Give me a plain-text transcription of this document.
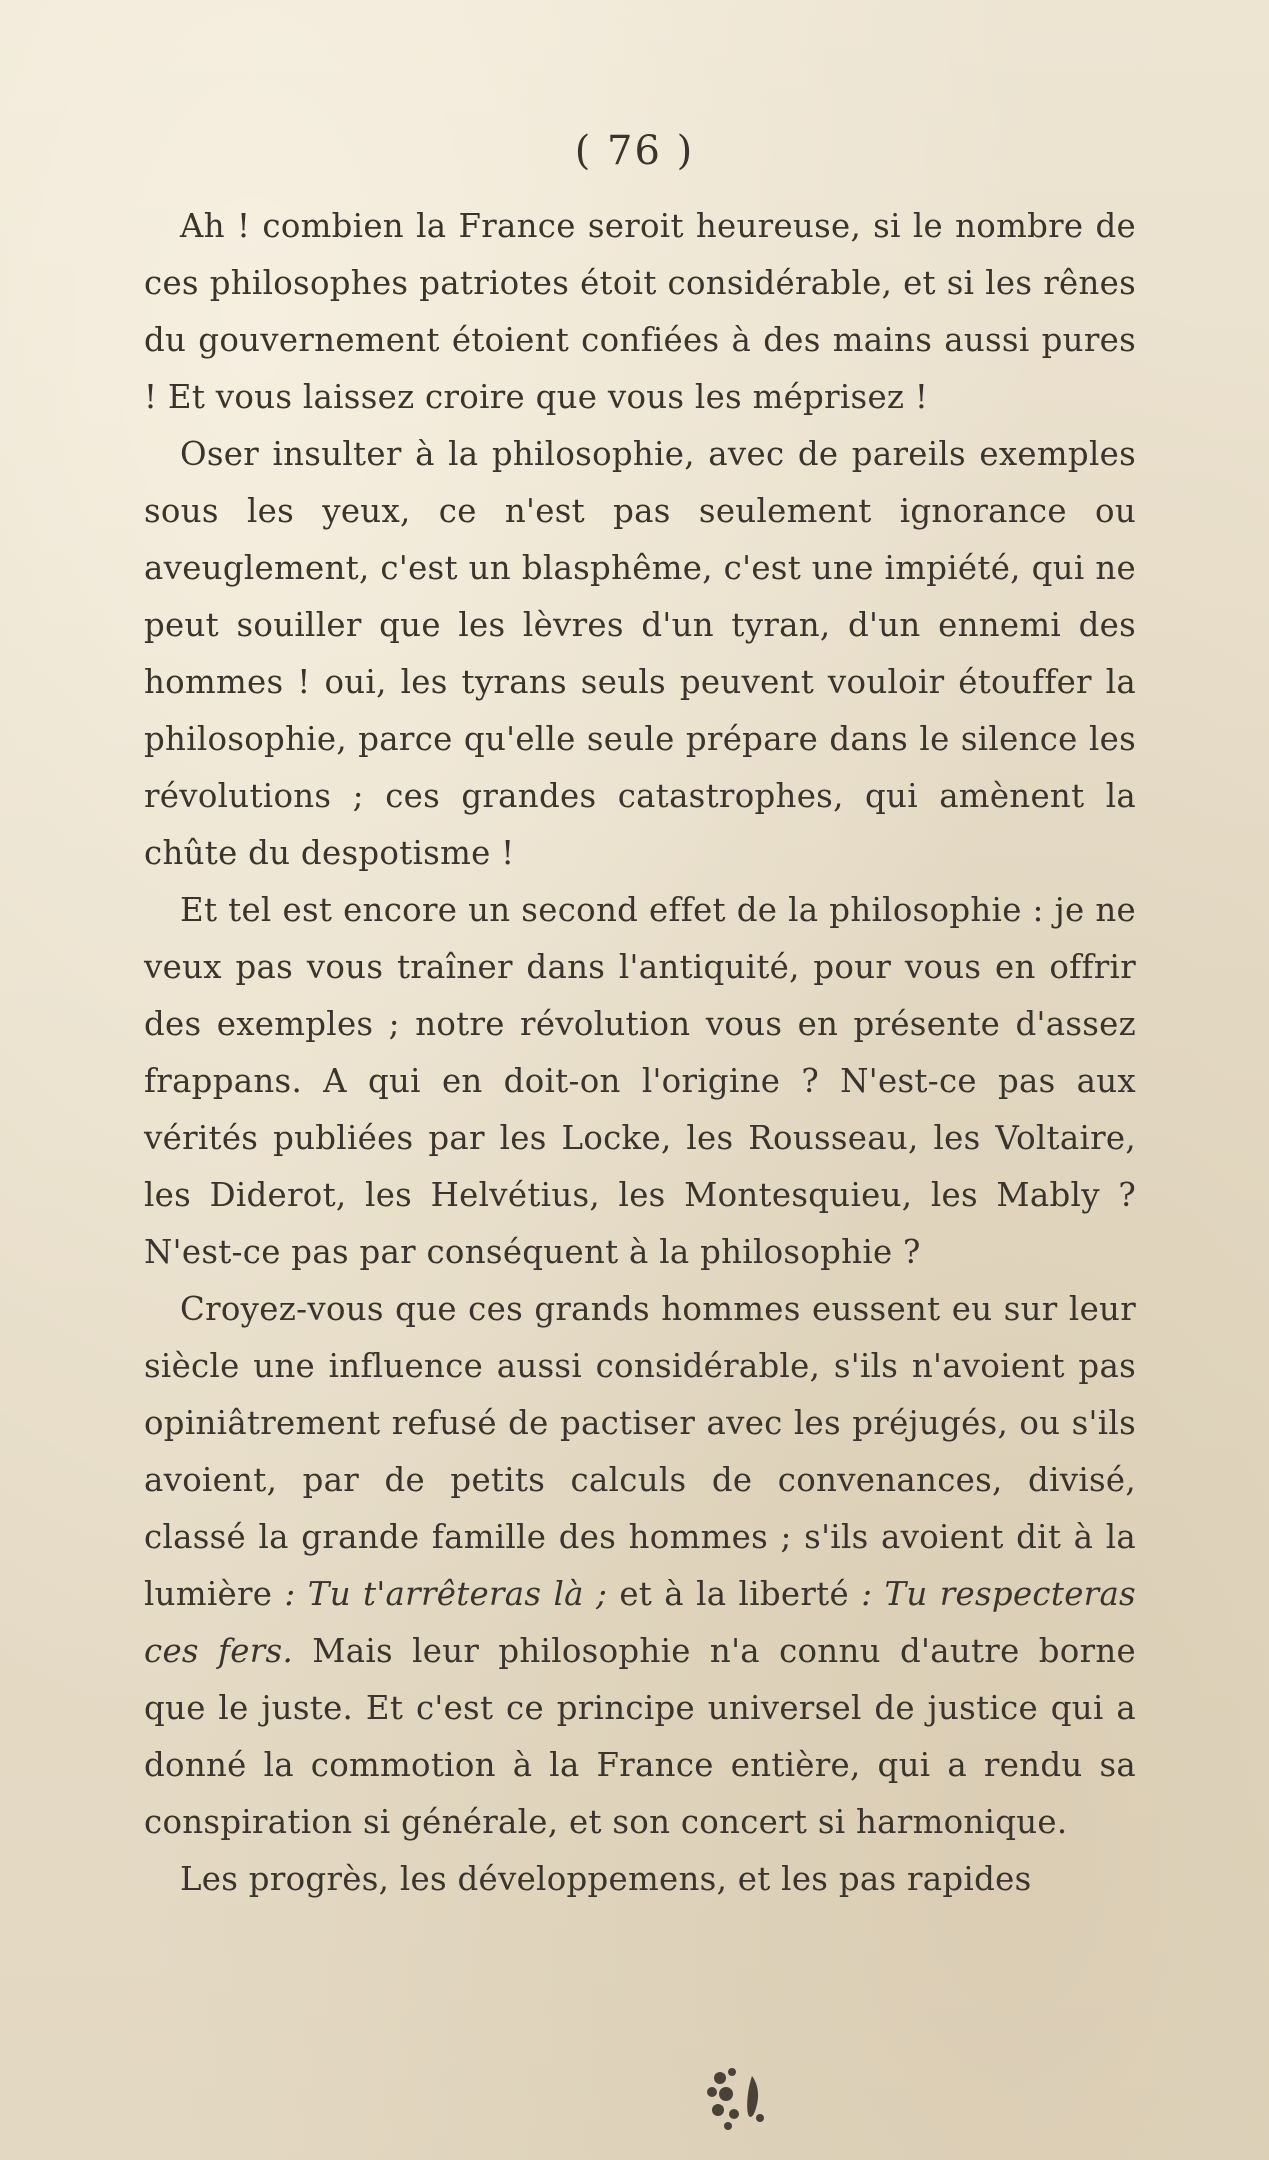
( 76 )

Ah ! combien la France seroit heureuse, si le nombre de ces philosophes patriotes étoit considérable, et si les rênes du gouvernement étoient confiées à des mains aussi pures ! Et vous laissez croire que vous les méprisez !

Oser insulter à la philosophie, avec de pareils exemples sous les yeux, ce n'est pas seulement ignorance ou aveuglement, c'est un blasphême, c'est une impiété, qui ne peut souiller que les lèvres d'un tyran, d'un ennemi des hommes ! oui, les tyrans seuls peuvent vouloir étouffer la philosophie, parce qu'elle seule prépare dans le silence les révolutions ; ces grandes catastrophes, qui amènent la chûte du despotisme !

Et tel est encore un second effet de la philosophie : je ne veux pas vous traîner dans l'antiquité, pour vous en offrir des exemples ; notre révolution vous en présente d'assez frappans. A qui en doit-on l'origine ? N'est-ce pas aux vérités publiées par les Locke, les Rousseau, les Voltaire, les Diderot, les Helvétius, les Montesquieu, les Mably ? N'est-ce pas par conséquent à la philosophie ?

Croyez-vous que ces grands hommes eussent eu sur leur siècle une influence aussi considérable, s'ils n'avoient pas opiniâtrement refusé de pactiser avec les préjugés, ou s'ils avoient, par de petits calculs de convenances, divisé, classé la grande famille des hommes ; s'ils avoient dit à la lumière : Tu t'arrêteras là ; et à la liberté : Tu respecteras ces fers. Mais leur philosophie n'a connu d'autre borne que le juste. Et c'est ce principe universel de justice qui a donné la commotion à la France entière, qui a rendu sa conspiration si générale, et son concert si harmonique.

Les progrès, les développemens, et les pas rapides
